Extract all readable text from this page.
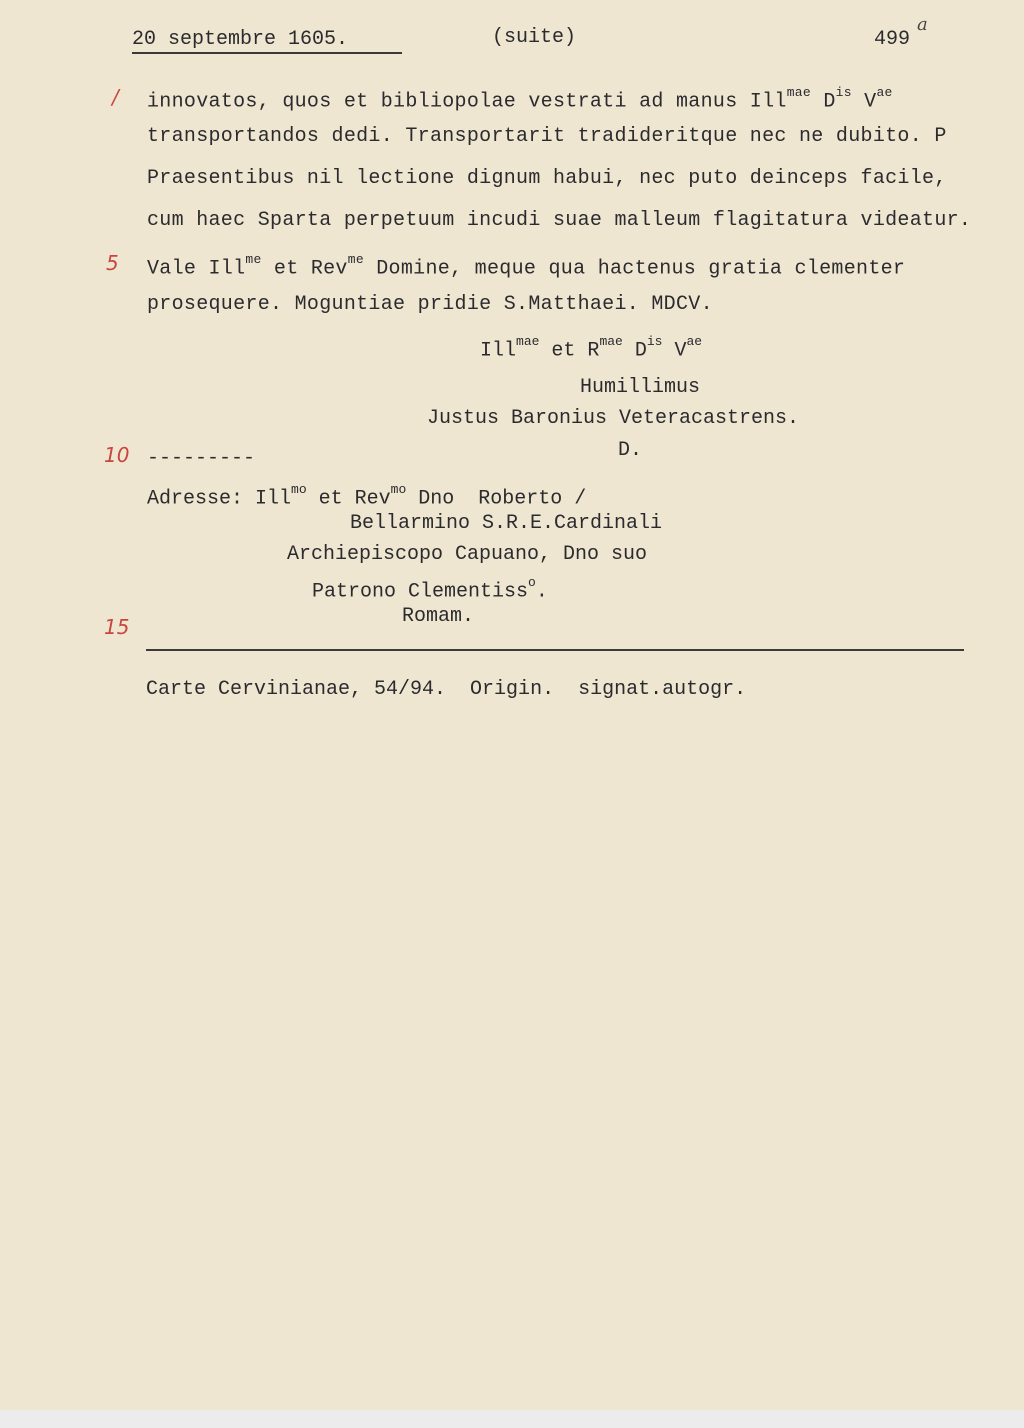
20 septembre 1605.	(suite)	499
a
/
5
10
15
innovatos, quos et bibliopolae vestrati ad manus Ill$^{mae}$ $D^{is}$ $V^{ae}$
transportandos dedi. Transportarit tradideritque nec ne dubito. P
Praesentibus nil lectione dignum habui, nec puto deinceps facile,
cum haec Sparta perpetuum incudi suae malleum flagitatura videatur.
Vale Ill$^{me}$ et Rev$^{me}$ Domine, meque qua hactenus gratia clementer
prosequere. Moguntiae pridie S.Matthaei. MDCV.
Ill$^{mae}$ et $R^{mae}$ $D^{is}$ $V^{ae}$
Humillimus
Justus Baronius Veteracastrens.
D.
---------
Adresse: Ill$^{mo}$ et Rev$^{mo}$ Dno  Roberto /
Bellarmino S.R.E.Cardinali
Archiepiscopo Capuano, Dno suo
Patrono Clementiss$^o$.
Romam.
Carte Cervinianae, 54/94.  Origin.  signat.autogr.
